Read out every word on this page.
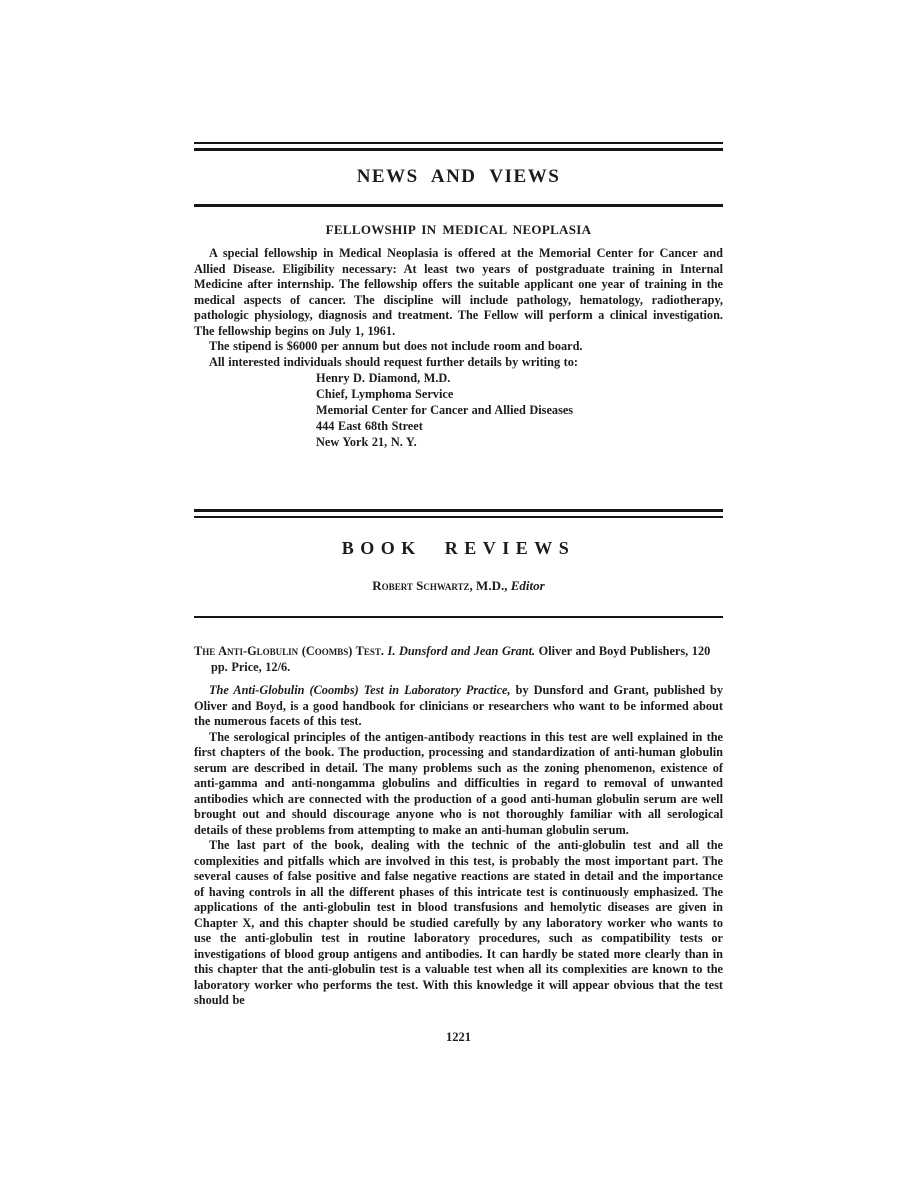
NEWS AND VIEWS
FELLOWSHIP IN MEDICAL NEOPLASIA

A special fellowship in Medical Neoplasia is offered at the Memorial Center for Cancer and Allied Disease. Eligibility necessary: At least two years of postgraduate training in Internal Medicine after internship. The fellowship offers the suitable applicant one year of training in the medical aspects of cancer. The discipline will include pathology, hematology, radiotherapy, pathologic physiology, diagnosis and treatment. The Fellow will perform a clinical investigation. The fellowship begins on July 1, 1961.

The stipend is $6000 per annum but does not include room and board.

All interested individuals should request further details by writing to:

Henry D. Diamond, M.D.
Chief, Lymphoma Service
Memorial Center for Cancer and Allied Diseases
444 East 68th Street
New York 21, N. Y.
BOOK REVIEWS
Robert Schwartz, M.D., Editor

The Anti-Globulin (Coombs) Test. I. Dunsford and Jean Grant. Oliver and Boyd Publishers, 120 pp. Price, 12/6.

The Anti-Globulin (Coombs) Test in Laboratory Practice, by Dunsford and Grant, published by Oliver and Boyd, is a good handbook for clinicians or researchers who want to be informed about the numerous facets of this test.

The serological principles of the antigen-antibody reactions in this test are well explained in the first chapters of the book. The production, processing and standardization of anti-human globulin serum are described in detail. The many problems such as the zoning phenomenon, existence of anti-gamma and anti-nongamma globulins and difficulties in regard to removal of unwanted antibodies which are connected with the production of a good anti-human globulin serum are well brought out and should discourage anyone who is not thoroughly familiar with all serological details of these problems from attempting to make an anti-human globulin serum.

The last part of the book, dealing with the technic of the anti-globulin test and all the complexities and pitfalls which are involved in this test, is probably the most important part. The several causes of false positive and false negative reactions are stated in detail and the importance of having controls in all the different phases of this intricate test is continuously emphasized. The applications of the anti-globulin test in blood transfusions and hemolytic diseases are given in Chapter X, and this chapter should be studied carefully by any laboratory worker who wants to use the anti-globulin test in routine laboratory procedures, such as compatibility tests or investigations of blood group antigens and antibodies. It can hardly be stated more clearly than in this chapter that the anti-globulin test is a valuable test when all its complexities are known to the laboratory worker who performs the test. With this knowledge it will appear obvious that the test should be

1221
